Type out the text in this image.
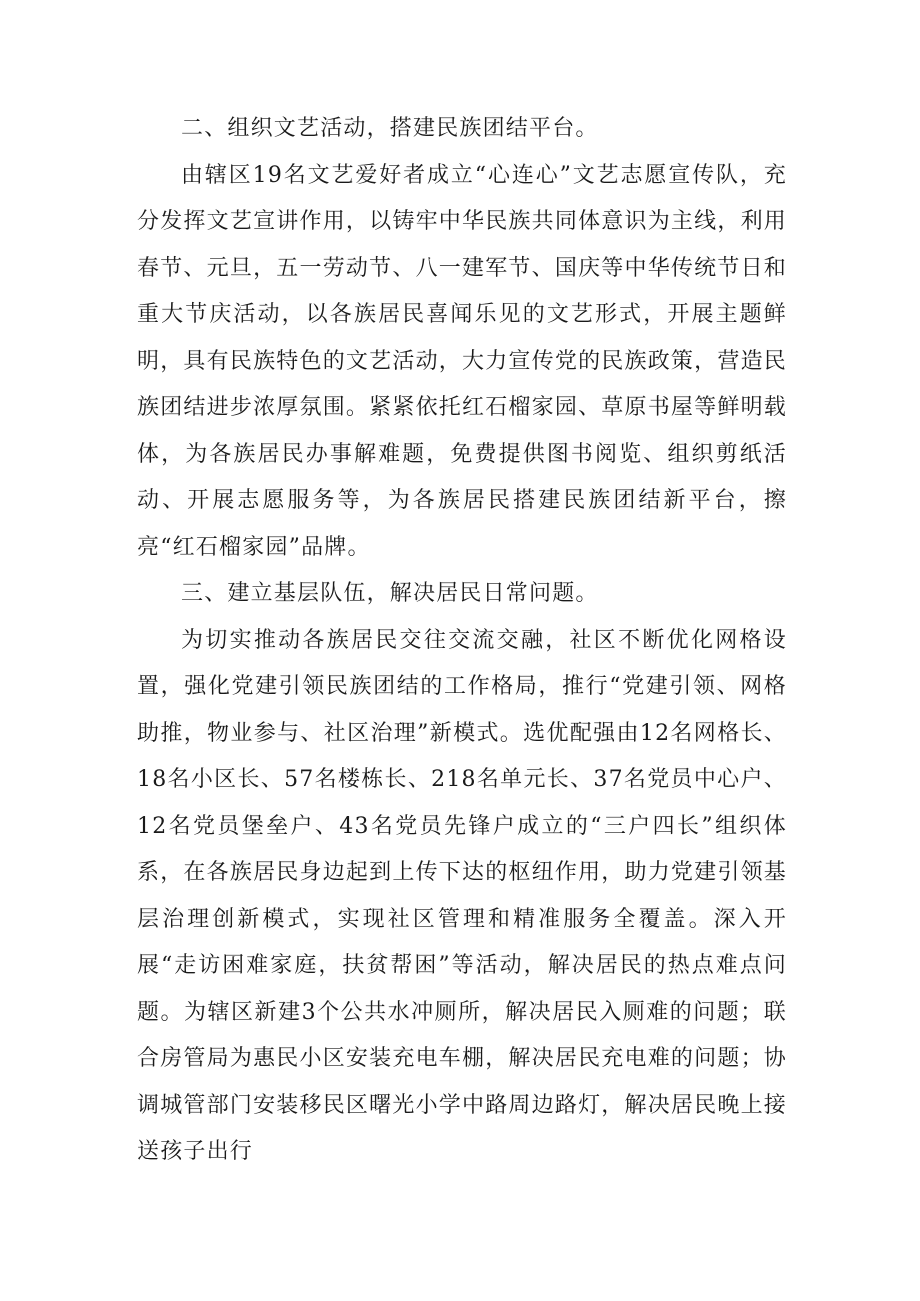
二、组织文艺活动，搭建民族团结平台。

由辖区19名文艺爱好者成立“心连心”文艺志愿宣传队，充分发挥文艺宣讲作用，以铸牢中华民族共同体意识为主线，利用春节、元旦，五一劳动节、八一建军节、国庆等中华传统节日和重大节庆活动，以各族居民喜闻乐见的文艺形式，开展主题鲜明，具有民族特色的文艺活动，大力宣传党的民族政策，营造民族团结进步浓厚氛围。紧紧依托红石榴家园、草原书屋等鲜明载体，为各族居民办事解难题，免费提供图书阅览、组织剪纸活动、开展志愿服务等，为各族居民搭建民族团结新平台，擦亮“红石榴家园”品牌。

三、建立基层队伍，解决居民日常问题。

为切实推动各族居民交往交流交融，社区不断优化网格设置，强化党建引领民族团结的工作格局，推行“党建引领、网格助推，物业参与、社区治理”新模式。选优配强由12名网格长、18名小区长、57名楼栋长、218名单元长、37名党员中心户、12名党员堡垒户、43名党员先锋户成立的“三户四长”组织体系，在各族居民身边起到上传下达的枢纽作用，助力党建引领基层治理创新模式，实现社区管理和精准服务全覆盖。深入开展“走访困难家庭，扶贫帮困”等活动，解决居民的热点难点问题。为辖区新建3个公共水冲厕所，解决居民入厕难的问题；联合房管局为惠民小区安装充电车棚，解决居民充电难的问题；协调城管部门安装移民区曙光小学中路周边路灯，解决居民晚上接送孩子出行
